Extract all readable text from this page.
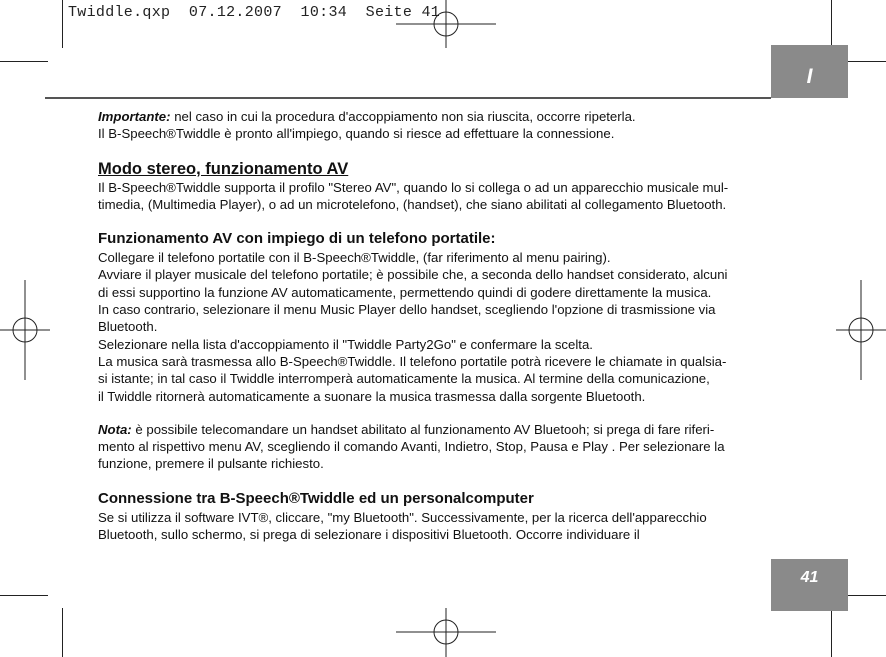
Twiddle.qxp  07.12.2007  10:34  Seite 41
I

Importante: nel caso in cui la procedura d'accoppiamento non sia riuscita, occorre ripeterla.

Il B-Speech®Twiddle è pronto all'impiego, quando si riesce ad effettuare la connessione.

Modo stereo, funzionamento AV

Il B-Speech®Twiddle supporta il profilo "Stereo AV", quando lo si collega o ad un apparecchio musicale mul-

timedia, (Multimedia Player), o ad un microtelefono, (handset), che siano abilitati al collegamento Bluetooth.

Funzionamento AV con impiego di un telefono portatile:

Collegare il telefono portatile con il B-Speech®Twiddle, (far riferimento al menu pairing).

Avviare il player musicale del telefono portatile; è possibile che, a seconda dello handset considerato, alcuni

di essi supportino la funzione AV automaticamente, permettendo quindi di godere direttamente la musica.

In caso contrario, selezionare il menu Music Player dello handset, scegliendo l'opzione di trasmissione via

Bluetooth.

Selezionare nella lista d'accoppiamento il "Twiddle Party2Go" e confermare la scelta.

La musica sarà trasmessa allo B-Speech®Twiddle. Il telefono portatile potrà ricevere le chiamate in qualsia-

si istante; in tal caso il Twiddle interromperà automaticamente la musica. Al termine della comunicazione,

il Twiddle ritornerà automaticamente a suonare la musica trasmessa dalla sorgente Bluetooth.

Nota: è possibile telecomandare un handset abilitato al funzionamento AV Bluetooh; si prega di fare riferi-

mento al rispettivo menu AV, scegliendo il comando Avanti, Indietro, Stop, Pausa e Play . Per selezionare la

funzione, premere il pulsante richiesto.

Connessione tra B-Speech®Twiddle ed un personalcomputer

Se si utilizza il software IVT®, cliccare, "my Bluetooth". Successivamente, per la ricerca dell'apparecchio

Bluetooth, sullo schermo, si prega di selezionare i dispositivi Bluetooth. Occorre individuare il

41
